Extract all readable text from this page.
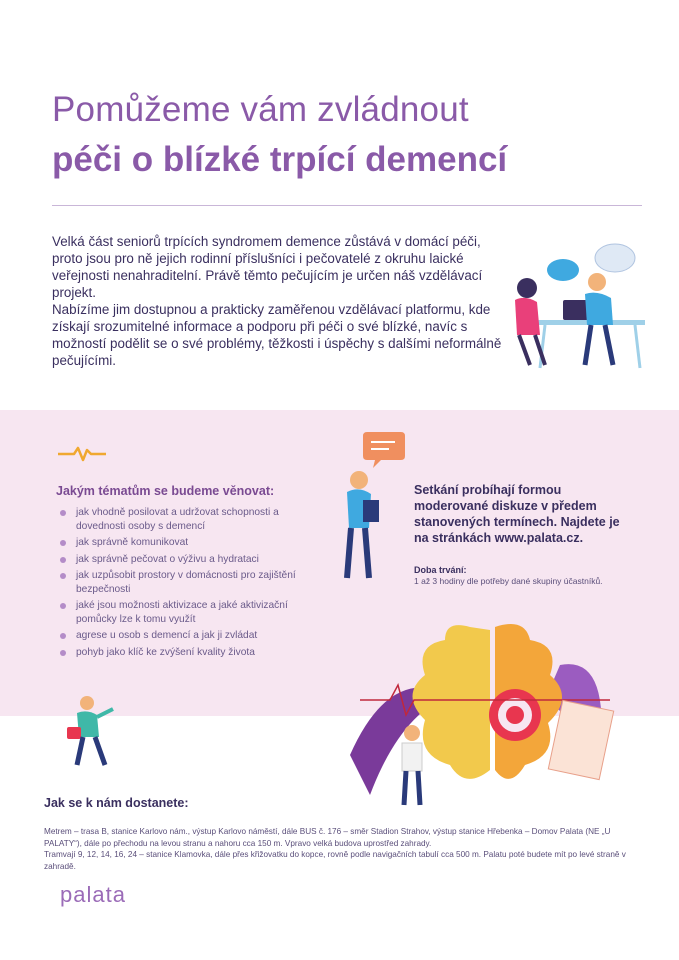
Pomůžeme vám zvládnout
péči o blízké trpící demencí

Velká část seniorů trpících syndromem demence zůstává v domácí péči, proto jsou pro ně jejich rodinní příslušníci i pečovatelé z okruhu laické veřejnosti nenahraditelní. Právě těmto pečujícím je určen náš vzdělávací projekt.

Nabízíme jim dostupnou a prakticky zaměřenou vzdělávací platformu, kde získají srozumitelné informace a podporu při péči o své blízké, navíc s možností podělit se o své problémy, těžkosti i úspěchy s dalšími neformálně pečujícími.

Jakým tématům se budeme věnovat:
jak vhodně posilovat a udržovat schopnosti a dovednosti osoby s demencí
jak správně komunikovat
jak správně pečovat o výživu a hydrataci
jak uzpůsobit prostory v domácnosti pro zajištění bezpečnosti
jaké jsou možnosti aktivizace a jaké aktivizační pomůcky lze k tomu využít
agrese u osob s demencí a jak ji zvládat
pohyb jako klíč ke zvýšení kvality života
Setkání probíhají formou moderované diskuze v předem stanovených termínech. Najdete je na stránkách www.palata.cz.
Doba trvání:
1 až 3 hodiny dle potřeby dané skupiny účastníků.
Jak se k nám dostanete:

Metrem – trasa B, stanice Karlovo nám., výstup Karlovo náměstí, dále BUS č. 176 – směr Stadion Strahov, výstup stanice Hřebenka – Domov Palata (NE „U PALATY“), dále po přechodu na levou stranu a nahoru cca 150 m. Vpravo velká budova uprostřed zahrady.

Tramvají 9, 12, 14, 16, 24 – stanice Klamovka, dále přes křižovatku do kopce, rovně podle navigačních tabulí cca 500 m. Palatu poté budete mít po levé straně v zahradě.

palata
